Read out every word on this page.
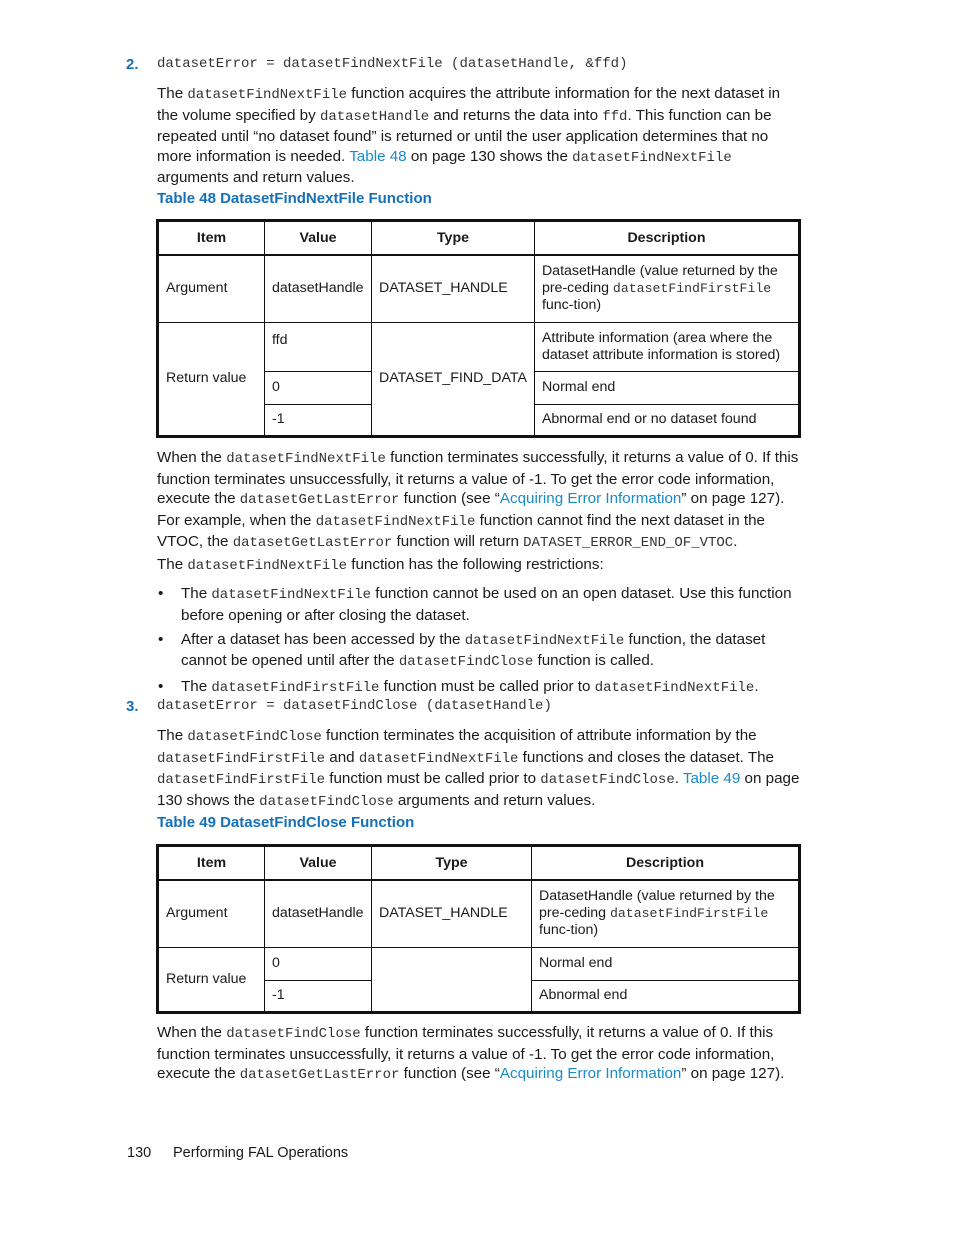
2. datasetError = datasetFindNextFile (datasetHandle, &ffd)

The datasetFindNextFile function acquires the attribute information for the next dataset in the volume specified by datasetHandle and returns the data into ffd. This function can be repeated until “no dataset found” is returned or until the user application determines that no more information is needed. Table 48 on page 130 shows the datasetFindNextFile arguments and return values.

Table 48 DatasetFindNextFile Function
Item	Value	Type	Description
Argument	datasetHandle	DATASET_HANDLE	DatasetHandle (value returned by the pre-ceding datasetFindFirstFile func-tion)
Return value	ffd	DATASET_FIND_DATA	Attribute information (area where the dataset attribute information is stored)
	0		Normal end
	-1		Abnormal end or no dataset found

When the datasetFindNextFile function terminates successfully, it returns a value of 0. If this function terminates unsuccessfully, it returns a value of -1. To get the error code information, execute the datasetGetLastError function (see “Acquiring Error Information” on page 127). For example, when the datasetFindNextFile function cannot find the next dataset in the VTOC, the datasetGetLastError function will return DATASET_ERROR_END_OF_VTOC.

The datasetFindNextFile function has the following restrictions:

• The datasetFindNextFile function cannot be used on an open dataset. Use this function before opening or after closing the dataset.
• After a dataset has been accessed by the datasetFindNextFile function, the dataset cannot be opened until after the datasetFindClose function is called.
• The datasetFindFirstFile function must be called prior to datasetFindNextFile.
3. datasetError = datasetFindClose (datasetHandle)

The datasetFindClose function terminates the acquisition of attribute information by the datasetFindFirstFile and datasetFindNextFile functions and closes the dataset. The datasetFindFirstFile function must be called prior to datasetFindClose. Table 49 on page 130 shows the datasetFindClose arguments and return values.

Table 49 DatasetFindClose Function
Item	Value	Type	Description
Argument	datasetHandle	DATASET_HANDLE	DatasetHandle (value returned by the pre-ceding datasetFindFirstFile func-tion)
Return value	0		Normal end
	-1		Abnormal end

When the datasetFindClose function terminates successfully, it returns a value of 0. If this function terminates unsuccessfully, it returns a value of -1. To get the error code information, execute the datasetGetLastError function (see “Acquiring Error Information” on page 127).

130 Performing FAL Operations
